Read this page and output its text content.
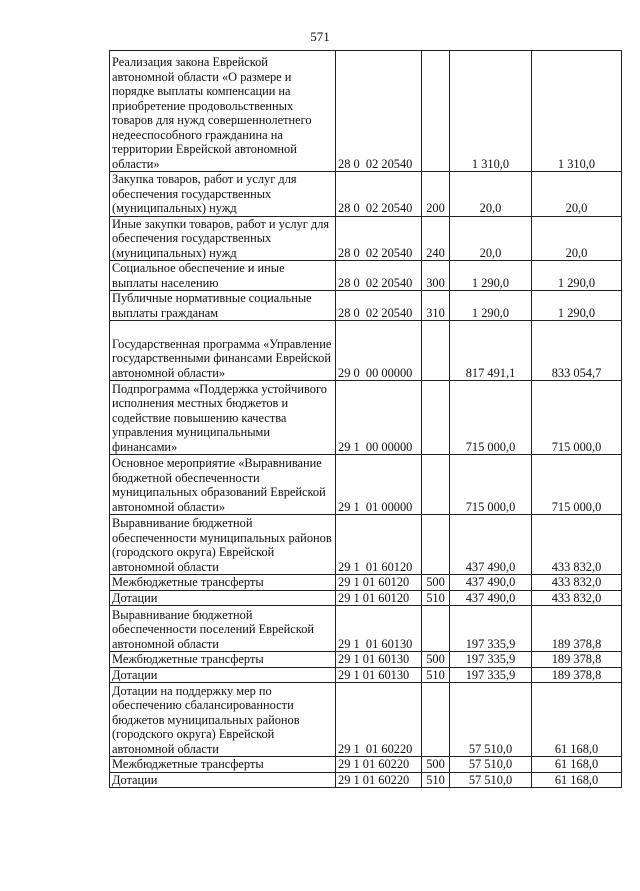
571
Реализация закона Еврейской автономной области «О размере и порядке выплаты компенсации на приобретение продовольственных товаров для нужд совершеннолетнего недееспособного гражданина на территории Еврейской автономной области»	28 0  02 20540		1 310,0	1 310,0
Закупка товаров, работ и услуг для обеспечения государственных (муниципальных) нужд	28 0  02 20540	200	20,0	20,0
Иные закупки товаров, работ и услуг для обеспечения государственных (муниципальных) нужд	28 0  02 20540	240	20,0	20,0
Социальное обеспечение и иные выплаты населению	28 0  02 20540	300	1 290,0	1 290,0
Публичные нормативные социальные выплаты гражданам	28 0  02 20540	310	1 290,0	1 290,0
Государственная программа «Управление государственными финансами Еврейской автономной области»	29 0  00 00000		817 491,1	833 054,7
Подпрограмма «Поддержка устойчивого исполнения местных бюджетов и содействие повышению качества управления муниципальными финансами»	29 1  00 00000		715 000,0	715 000,0
Основное мероприятие «Выравнивание бюджетной обеспеченности муниципальных образований Еврейской автономной области»	29 1  01 00000		715 000,0	715 000,0
Выравнивание бюджетной обеспеченности муниципальных районов (городского округа) Еврейской автономной области	29 1  01 60120		437 490,0	433 832,0
Межбюджетные трансферты	29 1 01 60120	500	437 490,0	433 832,0
Дотации	29 1 01 60120	510	437 490,0	433 832,0
Выравнивание бюджетной обеспеченности поселений Еврейской автономной области	29 1  01 60130		197 335,9	189 378,8
Межбюджетные трансферты	29 1 01 60130	500	197 335,9	189 378,8
Дотации	29 1 01 60130	510	197 335,9	189 378,8
Дотации на поддержку мер по обеспечению сбалансированности бюджетов муниципальных районов (городского округа) Еврейской автономной области	29 1  01 60220		57 510,0	61 168,0
Межбюджетные трансферты	29 1 01 60220	500	57 510,0	61 168,0
Дотации	29 1 01 60220	510	57 510,0	61 168,0
